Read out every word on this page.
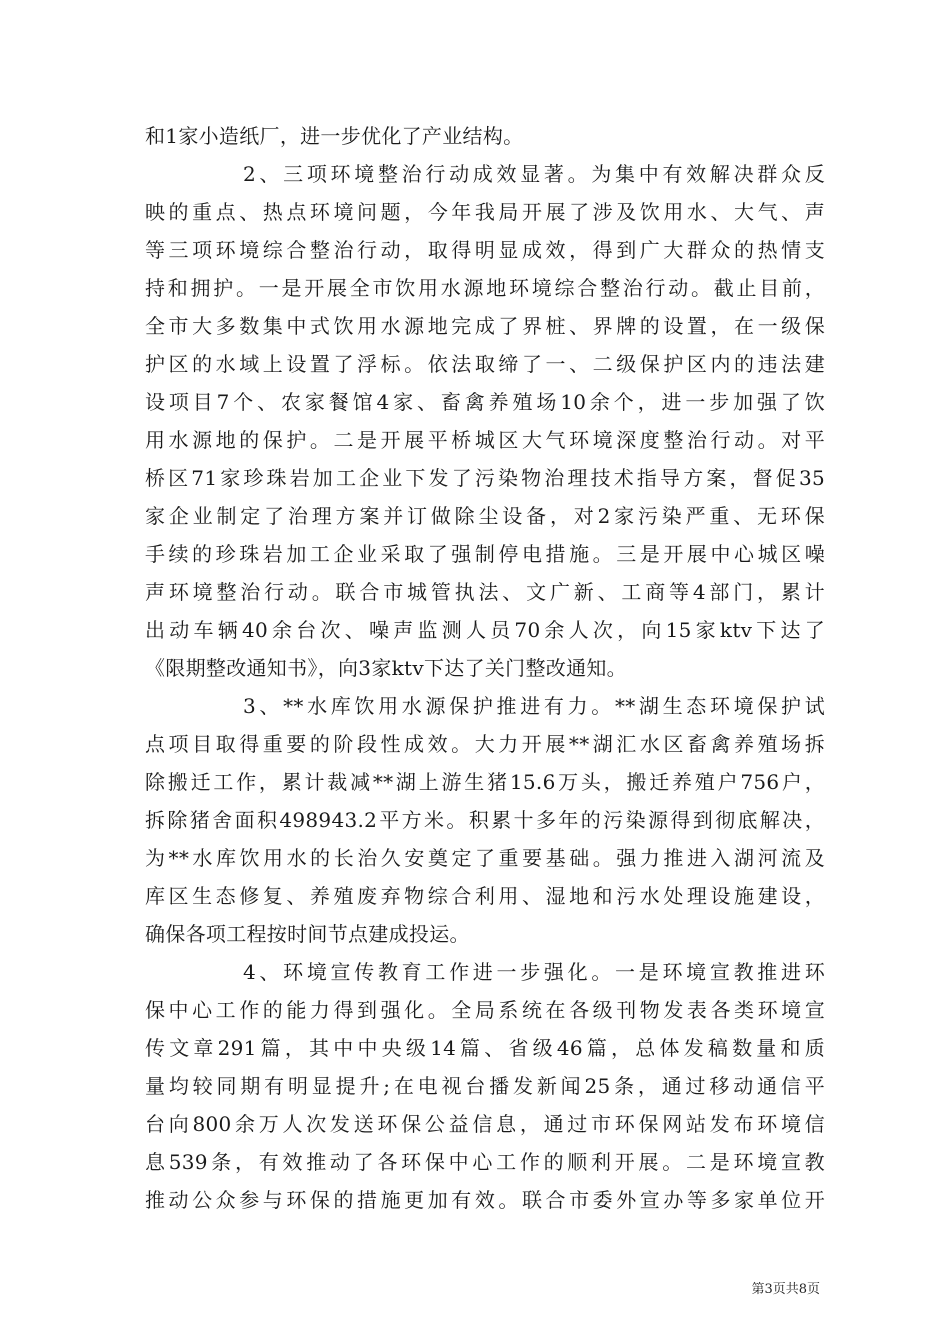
和1家小造纸厂，进一步优化了产业结构。
2、三项环境整治行动成效显著。为集中有效解决群众反
映的重点、热点环境问题，今年我局开展了涉及饮用水、大气、声
等三项环境综合整治行动，取得明显成效，得到广大群众的热情支
持和拥护。一是开展全市饮用水源地环境综合整治行动。截止目前，
全市大多数集中式饮用水源地完成了界桩、界牌的设置，在一级保
护区的水域上设置了浮标。依法取缔了一、二级保护区内的违法建
设项目7个、农家餐馆4家、畜禽养殖场10余个，进一步加强了饮
用水源地的保护。二是开展平桥城区大气环境深度整治行动。对平
桥区71家珍珠岩加工企业下发了污染物治理技术指导方案，督促35
家企业制定了治理方案并订做除尘设备，对2家污染严重、无环保
手续的珍珠岩加工企业采取了强制停电措施。三是开展中心城区噪
声环境整治行动。联合市城管执法、文广新、工商等4部门，累计
出动车辆40余台次、噪声监测人员70余人次，向15家ktv下达了
《限期整改通知书》，向3家ktv下达了关门整改通知。
3、**水库饮用水源保护推进有力。**湖生态环境保护试
点项目取得重要的阶段性成效。大力开展**湖汇水区畜禽养殖场拆
除搬迁工作，累计裁减**湖上游生猪15.6万头，搬迁养殖户756户，
拆除猪舍面积498943.2平方米。积累十多年的污染源得到彻底解决，
为**水库饮用水的长治久安奠定了重要基础。强力推进入湖河流及
库区生态修复、养殖废弃物综合利用、湿地和污水处理设施建设，
确保各项工程按时间节点建成投运。
4、环境宣传教育工作进一步强化。一是环境宣教推进环
保中心工作的能力得到强化。全局系统在各级刊物发表各类环境宣
传文章291篇，其中中央级14篇、省级46篇，总体发稿数量和质
量均较同期有明显提升;在电视台播发新闻25条，通过移动通信平
台向800余万人次发送环保公益信息，通过市环保网站发布环境信
息539条，有效推动了各环保中心工作的顺利开展。二是环境宣教
推动公众参与环保的措施更加有效。联合市委外宣办等多家单位开
第3页共8页
